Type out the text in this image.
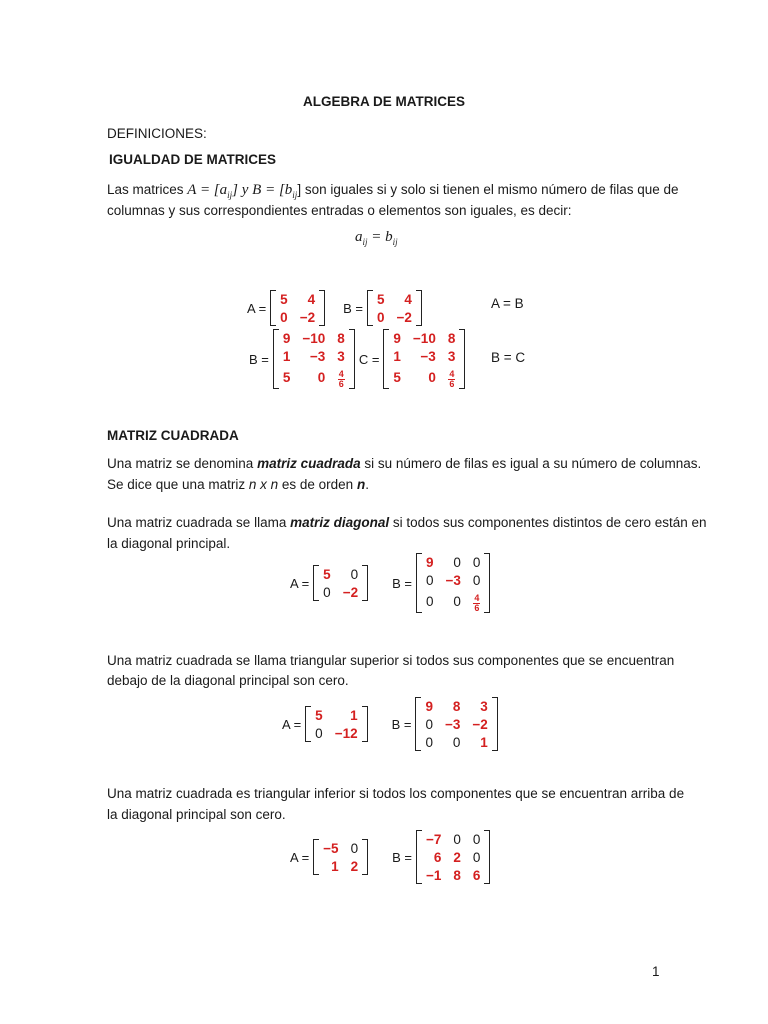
ALGEBRA DE MATRICES
DEFINICIONES:
IGUALDAD DE MATRICES
Las matrices $A = [a_{ij}]$ y $B = [b_{ij}]$ son iguales si y solo si tienen el mismo número de filas que de
columnas y sus correspondientes entradas o elementos son iguales, es decir:
$a_{ij} = b_{ij}$
A =
5	4
0	−2
B =
5	4
0	−2
A = B
B =
9	−10	8
1	−3	3
5	0	$\frac{4}{6}$
C =
9	−10	8
1	−3	3
5	0	$\frac{4}{6}$
B = C
MATRIZ CUADRADA
Una matriz se denomina matriz cuadrada si su número de filas es igual a su número de columnas.
Se dice que una matriz n x n es de orden n.
Una matriz cuadrada se llama matriz diagonal si todos sus componentes distintos de cero están en
la diagonal principal.
A =
5	0
0	−2
B =
9	0	0
0	−3	0
0	0	$\frac{4}{6}$
Una matriz cuadrada se llama triangular superior si todos sus componentes que se encuentran
debajo de la diagonal principal son cero.
A =
5	1
0	−12
B =
9	8	3
0	−3	−2
0	0	1
Una matriz cuadrada es triangular inferior si todos los componentes que se encuentran arriba de
la diagonal principal son cero.
A =
−5	0
1	2
B =
−7	0	0
6	2	0
−1	8	6
1
